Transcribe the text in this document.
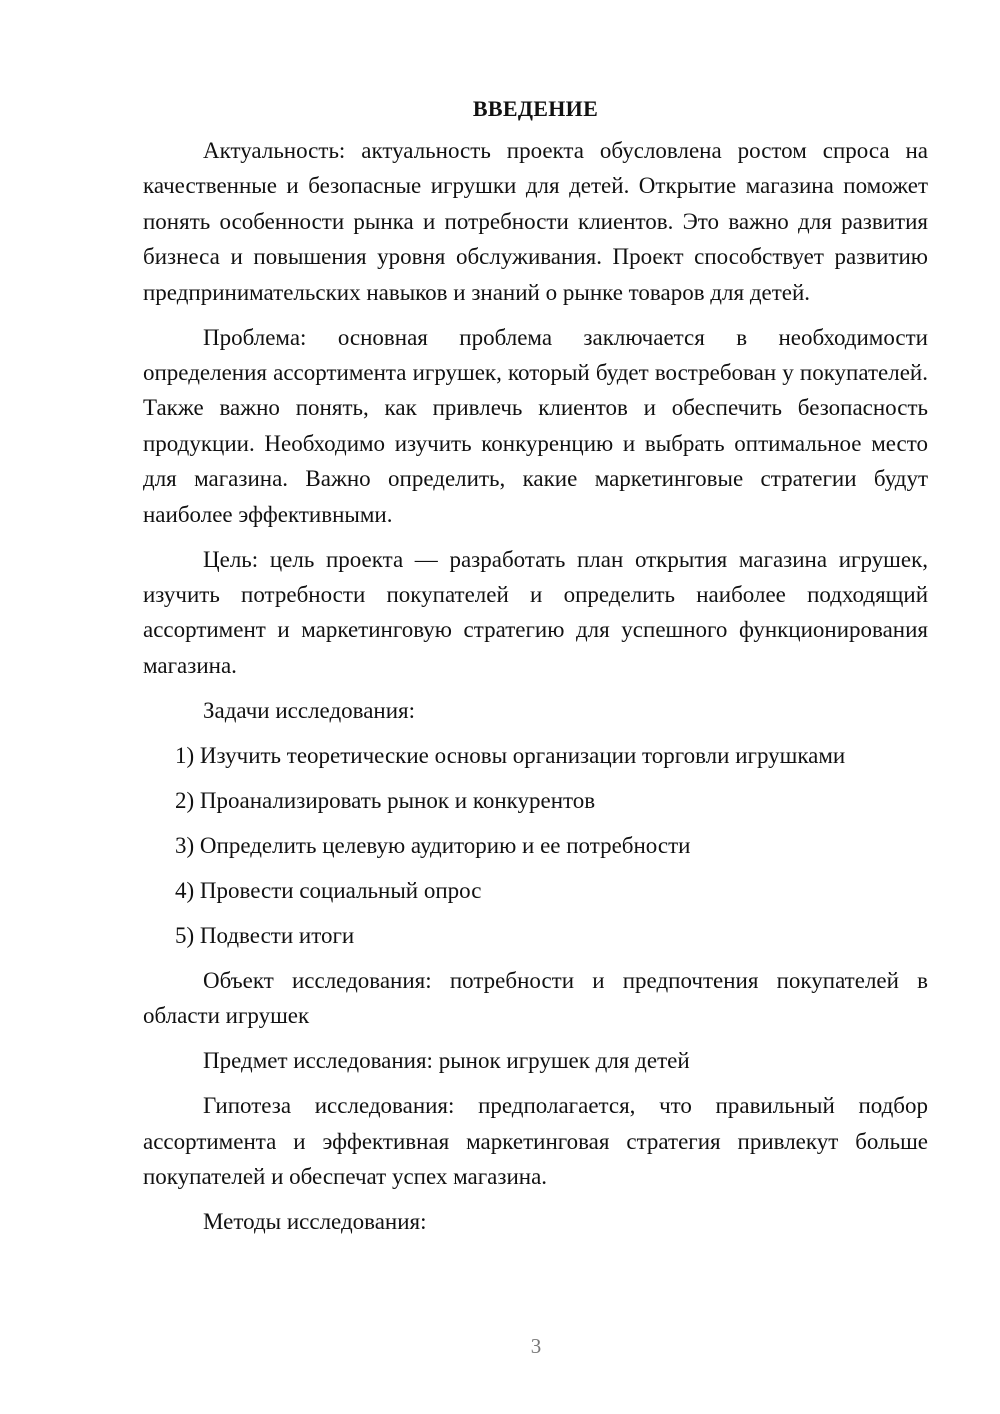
ВВЕДЕНИЕ

Актуальность: актуальность проекта обусловлена ростом спроса на качественные и безопасные игрушки для детей. Открытие магазина поможет понять особенности рынка и потребности клиентов. Это важно для развития бизнеса и повышения уровня обслуживания. Проект способствует развитию предпринимательских навыков и знаний о рынке товаров для детей.

Проблема: основная проблема заключается в необходимости определения ассортимента игрушек, который будет востребован у покупателей. Также важно понять, как привлечь клиентов и обеспечить безопасность продукции. Необходимо изучить конкуренцию и выбрать оптимальное место для магазина. Важно определить, какие маркетинговые стратегии будут наиболее эффективными.

Цель: цель проекта — разработать план открытия магазина игрушек, изучить потребности покупателей и определить наиболее подходящий ассортимент и маркетинговую стратегию для успешного функционирования магазина.

Задачи исследования:

1) Изучить теоретические основы организации торговли игрушками
2) Проанализировать рынок и конкурентов
3) Определить целевую аудиторию и ее потребности
4) Провести социальный опрос
5) Подвести итоги

Объект исследования: потребности и предпочтения покупателей в области игрушек

Предмет исследования: рынок игрушек для детей

Гипотеза исследования: предполагается, что правильный подбор ассортимента и эффективная маркетинговая стратегия привлекут больше покупателей и обеспечат успех магазина.

Методы исследования:

3
